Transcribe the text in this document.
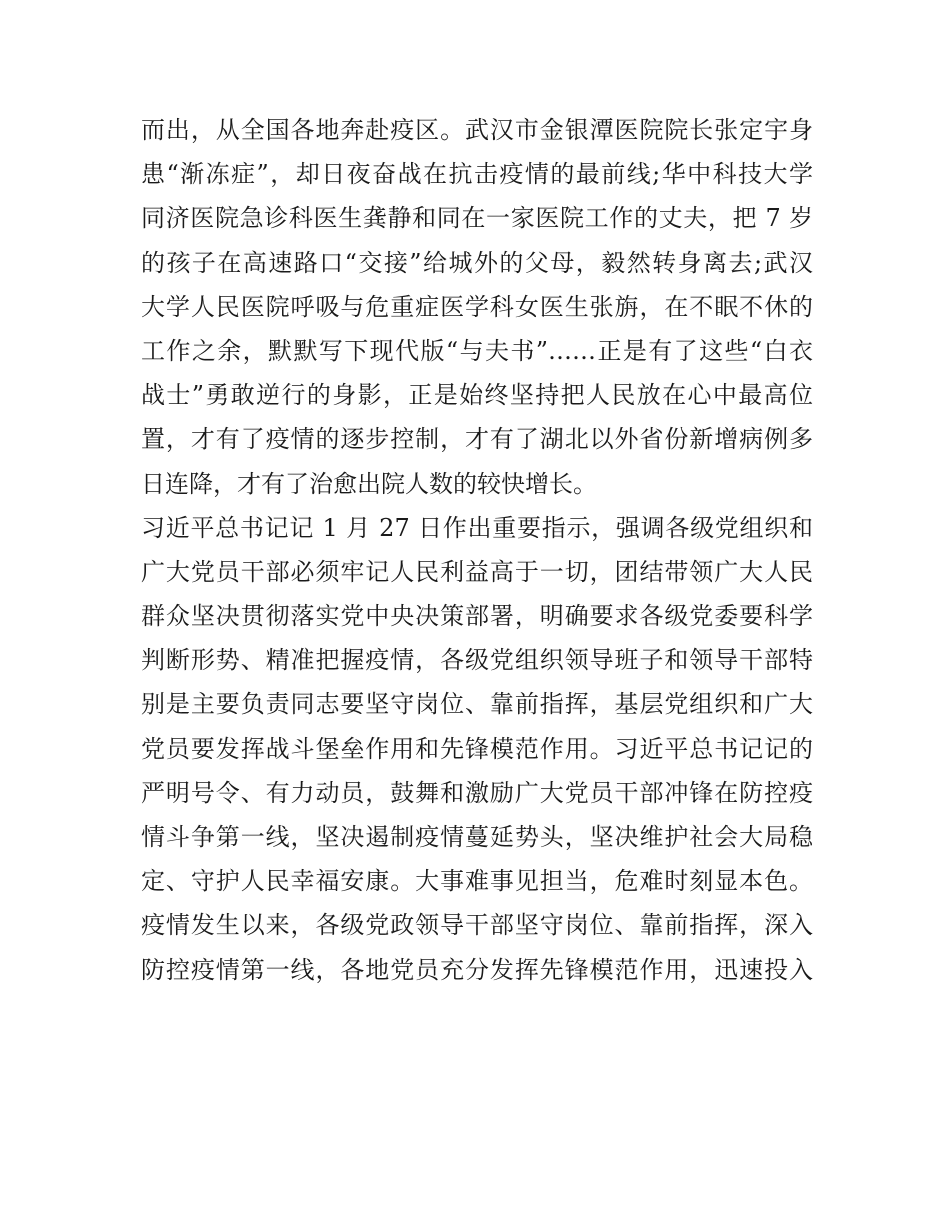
而出，从全国各地奔赴疫区。武汉市金银潭医院院长张定宇身
患“渐冻症”，却日夜奋战在抗击疫情的最前线;华中科技大学
同济医院急诊科医生龚静和同在一家医院工作的丈夫，把 7 岁
的孩子在高速路口“交接”给城外的父母，毅然转身离去;武汉
大学人民医院呼吸与危重症医学科女医生张旃，在不眠不休的
工作之余，默默写下现代版“与夫书”……正是有了这些“白衣
战士”勇敢逆行的身影，正是始终坚持把人民放在心中最高位
置，才有了疫情的逐步控制，才有了湖北以外省份新增病例多
日连降，才有了治愈出院人数的较快增长。
习近平总书记记 1 月 27 日作出重要指示，强调各级党组织和
广大党员干部必须牢记人民利益高于一切，团结带领广大人民
群众坚决贯彻落实党中央决策部署，明确要求各级党委要科学
判断形势、精准把握疫情，各级党组织领导班子和领导干部特
别是主要负责同志要坚守岗位、靠前指挥，基层党组织和广大
党员要发挥战斗堡垒作用和先锋模范作用。习近平总书记记的
严明号令、有力动员，鼓舞和激励广大党员干部冲锋在防控疫
情斗争第一线，坚决遏制疫情蔓延势头，坚决维护社会大局稳
定、守护人民幸福安康。大事难事见担当，危难时刻显本色。
疫情发生以来，各级党政领导干部坚守岗位、靠前指挥，深入
防控疫情第一线，各地党员充分发挥先锋模范作用，迅速投入
